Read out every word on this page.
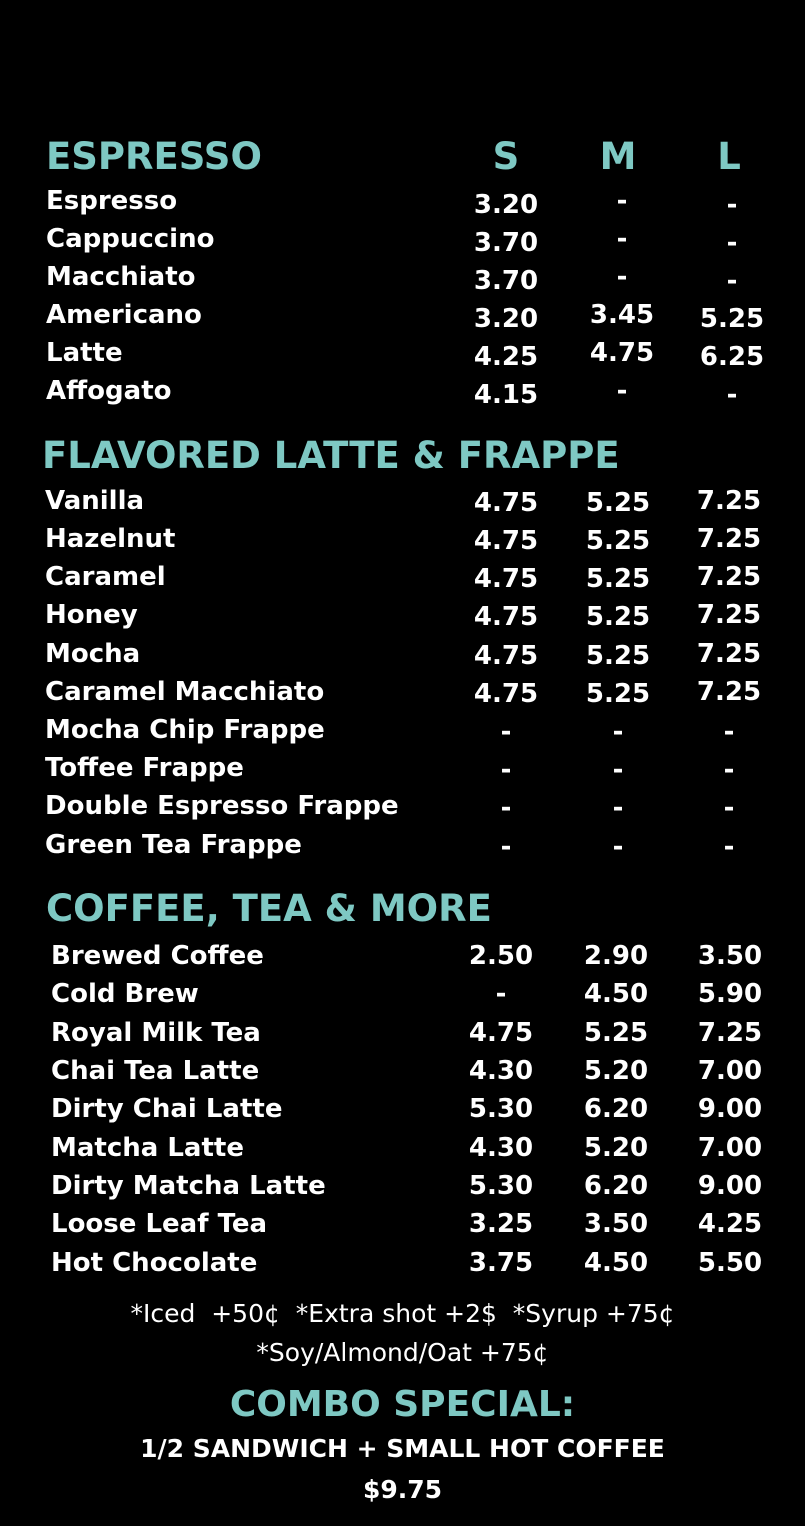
ESPRESSO	S	M	L
Espresso	3.20	-	-
Cappuccino	3.70	-	-
Macchiato	3.70	-	-
Americano	3.20	3.45	5.25
Latte	4.25	4.75	6.25
Affogato	4.15	-	-
FLAVORED LATTE & FRAPPE
Vanilla	4.75	5.25	7.25
Hazelnut	4.75	5.25	7.25
Caramel	4.75	5.25	7.25
Honey	4.75	5.25	7.25
Mocha	4.75	5.25	7.25
Caramel Macchiato	4.75	5.25	7.25
Mocha Chip Frappe	-	-	-
Toffee Frappe	-	-	-
Double Espresso Frappe	-	-	-
Green Tea Frappe	-	-	-
COFFEE, TEA & MORE
Brewed Coffee	2.50	2.90	3.50
Cold Brew	-	4.50	5.90
Royal Milk Tea	4.75	5.25	7.25
Chai Tea Latte	4.30	5.20	7.00
Dirty Chai Latte	5.30	6.20	9.00
Matcha Latte	4.30	5.20	7.00
Dirty Matcha Latte	5.30	6.20	9.00
Loose Leaf Tea	3.25	3.50	4.25
Hot Chocolate	3.75	4.50	5.50
*Iced  +50¢  *Extra shot +2$  *Syrup +75¢
*Soy/Almond/Oat +75¢
COMBO SPECIAL:
1/2 SANDWICH + SMALL HOT COFFEE
$9.75
